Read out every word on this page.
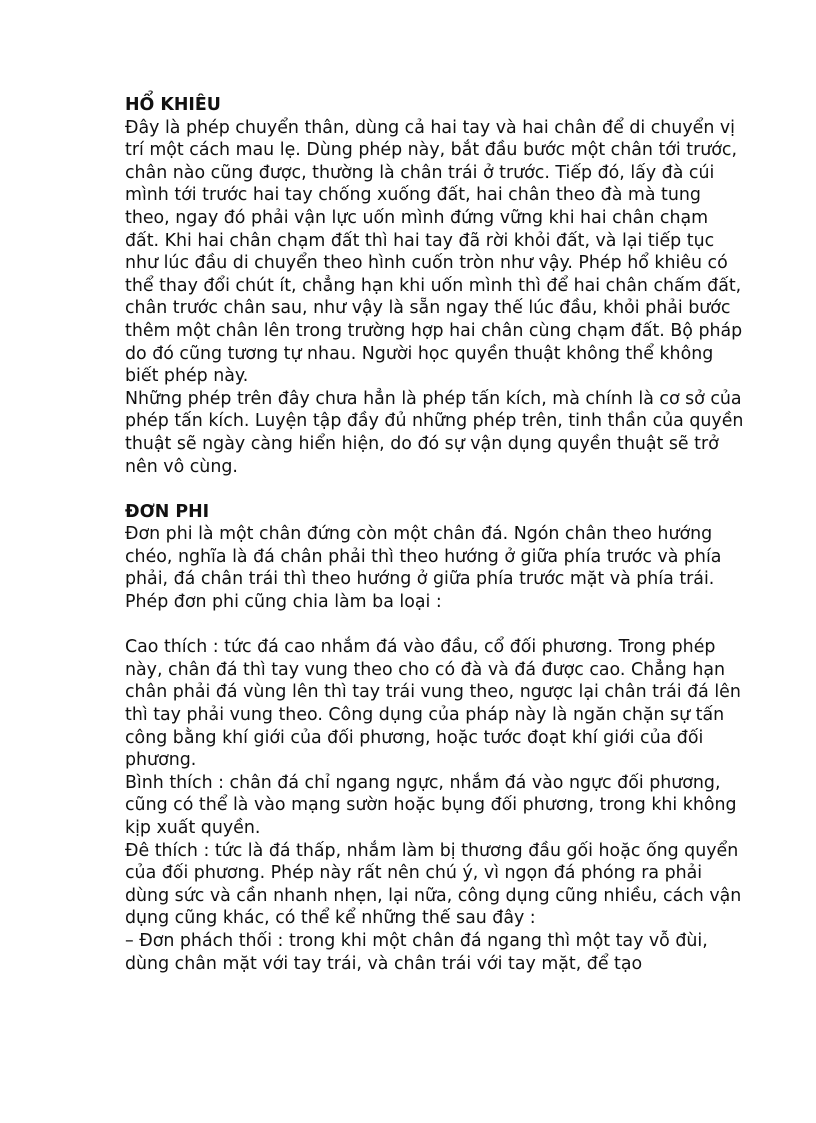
HỔ KHIÊU

Đây là phép chuyển thân, dùng cả hai tay và hai chân để di chuyển vị trí một cách mau lẹ. Dùng phép này, bắt đầu bước một chân tới trước, chân nào cũng được, thường là chân trái ở trước. Tiếp đó, lấy đà cúi mình tới trước hai tay chống xuống đất, hai chân theo đà mà tung theo, ngay đó phải vận lực uốn mình đứng vững khi hai chân chạm đất. Khi hai chân chạm đất thì hai tay đã rời khỏi đất, và lại tiếp tục như lúc đầu di chuyển theo hình cuốn tròn như vậy. Phép hổ khiêu có thể thay đổi chút ít, chẳng hạn khi uốn mình thì để hai chân chấm đất, chân trước chân sau, như vậy là sẵn ngay thế lúc đầu, khỏi phải bước thêm một chân lên trong trường hợp hai chân cùng chạm đất. Bộ pháp do đó cũng tương tự nhau. Người học quyền thuật không thể không biết phép này.

Những phép trên đây chưa hẳn là phép tấn kích, mà chính là cơ sở của phép tấn kích. Luyện tập đầy đủ những phép trên, tinh thần của quyền thuật sẽ ngày càng hiển hiện, do đó sự vận dụng quyền thuật sẽ trở nên vô cùng.

ĐƠN PHI

Đơn phi là một chân đứng còn một chân đá. Ngón chân theo hướng chéo, nghĩa là đá chân phải thì theo hướng ở giữa phía trước và phía phải, đá chân trái thì theo hướng ở giữa phía trước mặt và phía trái. Phép đơn phi cũng chia làm ba loại :

Cao thích : tức đá cao nhắm đá vào đầu, cổ đối phương. Trong phép này, chân đá thì tay vung theo cho có đà và đá được cao. Chẳng hạn chân phải đá vùng lên thì tay trái vung theo, ngược lại chân trái đá lên thì tay phải vung theo. Công dụng của pháp này là ngăn chặn sự tấn công bằng khí giới của đối phương, hoặc tước đoạt khí giới của đối phương.

Bình thích : chân đá chỉ ngang ngực, nhắm đá vào ngực đối phương, cũng có thể là vào mạng sườn hoặc bụng đối phương, trong khi không kịp xuất quyền.

Đê thích : tức là đá thấp, nhắm làm bị thương đầu gối hoặc ống quyển của đối phương. Phép này rất nên chú ý, vì ngọn đá phóng ra phải dùng sức và cần nhanh nhẹn, lại nữa, công dụng cũng nhiều, cách vận dụng cũng khác, có thể kể những thế sau đây :

– Đơn phách thối : trong khi một chân đá ngang thì một tay vỗ đùi, dùng chân mặt với tay trái, và chân trái với tay mặt, để tạo
